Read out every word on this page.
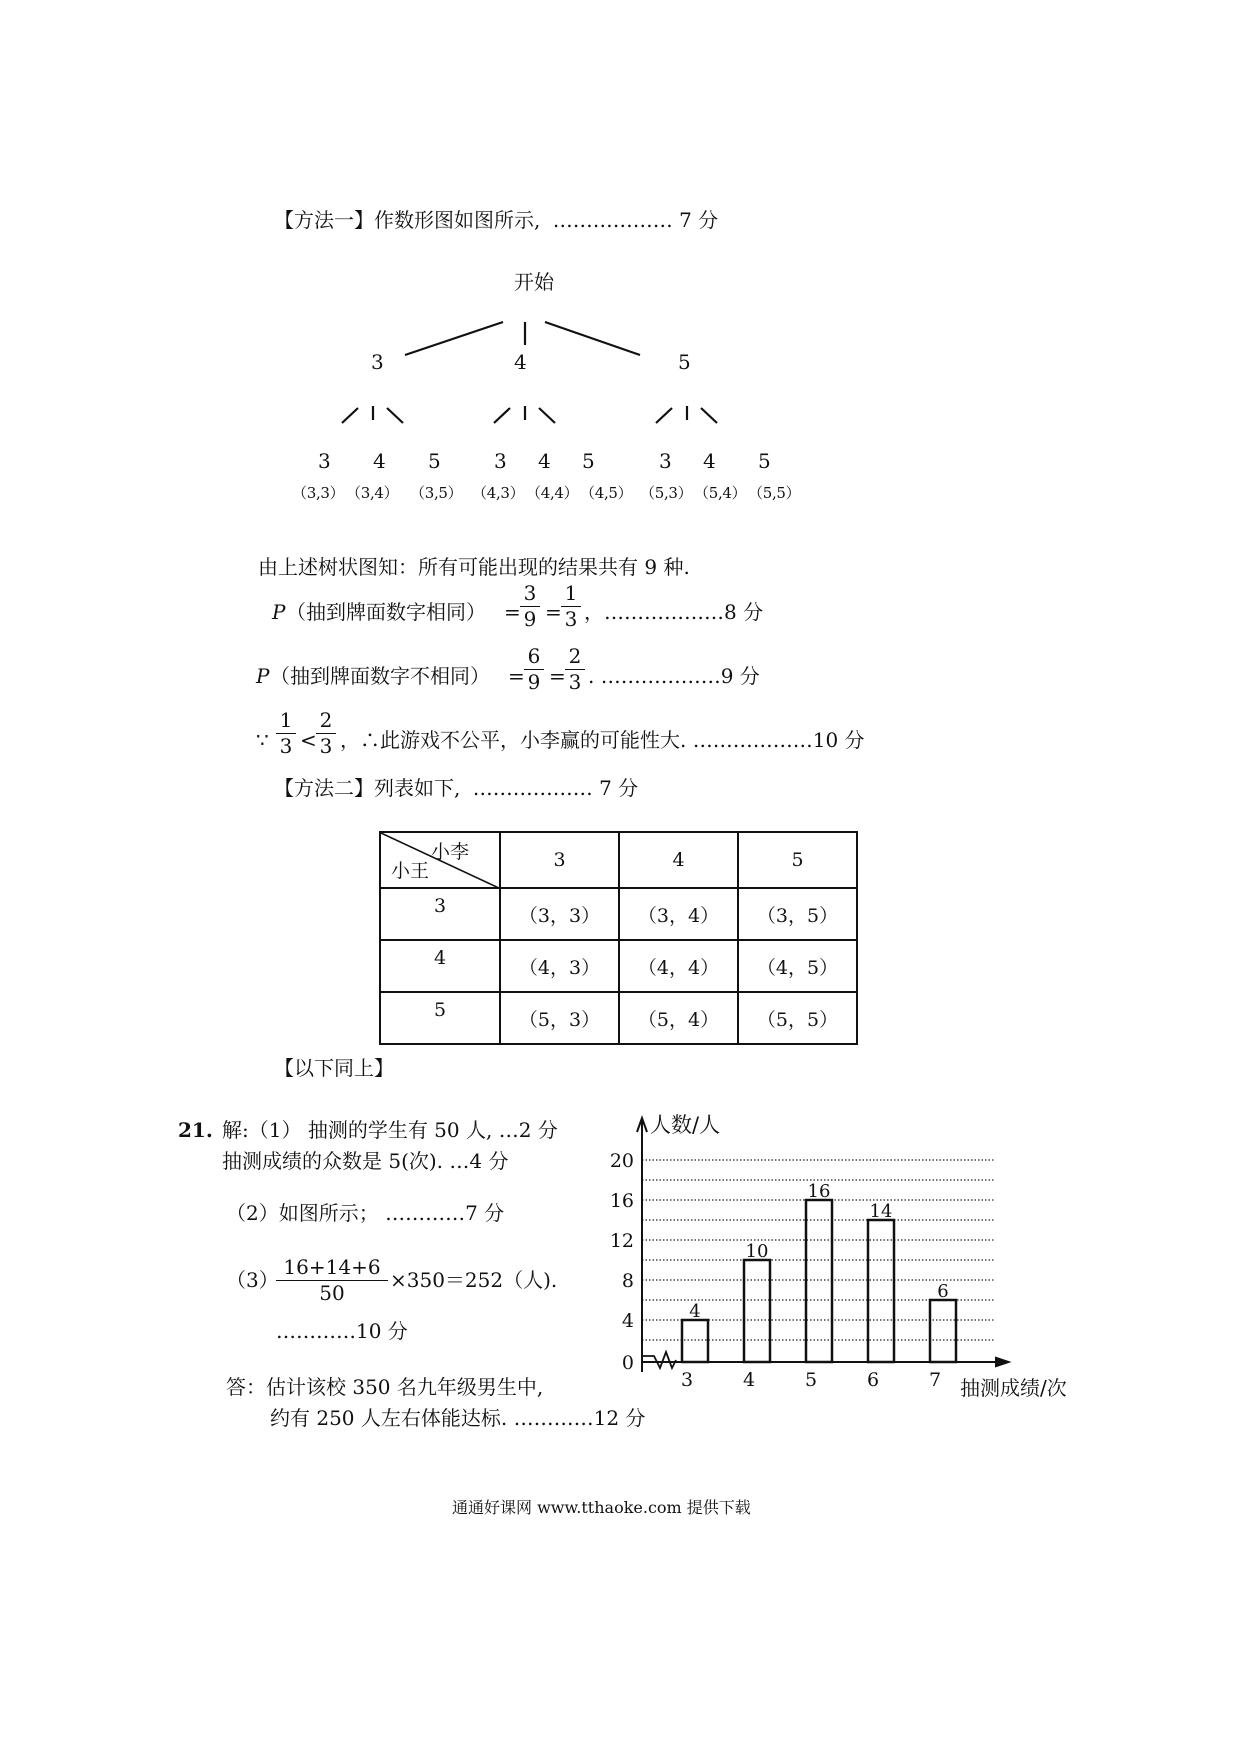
【方法一】作数形图如图所示, ……………… 7 分
开始
3	4	5
3 4 5	3 4 5	3 4 5
（3,3） （3,4） （3,5） （4,3） （4,4） （4,5） （5,3） （5,4） （5,5）
由上述树状图知：所有可能出现的结果共有 9 种.
P （抽到牌面数字相同） =
3
9 =
1
3 ，………………8 分
P （抽到牌面数字不相同） =
6
9 =
2
3 . ………………9 分
∵
1
3 <
2
3 ，∴此游戏不公平，小李赢的可能性大. ………………10 分
【方法二】列表如下, ……………… 7 分
小李
小王	3	4	5
3	（3，3）	（3，4）	（3，5）
4	（4，3）	（4，4）	（4，5）
5	（5，3）	（5，4）	（5，5）
【以下同上】
21. 解:（1） 抽测的学生有 50 人, …2 分
抽测成绩的众数是 5(次). …4 分
（2）如图所示； …………7 分
（3）
16+14+6
50
×350＝252（人).
…………10 分
答：估计该校 350 名九年级男生中,
约有 250 人左右体能达标. …………12 分
0
4
8
12
16
20
4
3
10
4
16
5
14
6
6
7
人数/人
抽测成绩/次
通通好课网 www.tthaoke.com 提供下载
